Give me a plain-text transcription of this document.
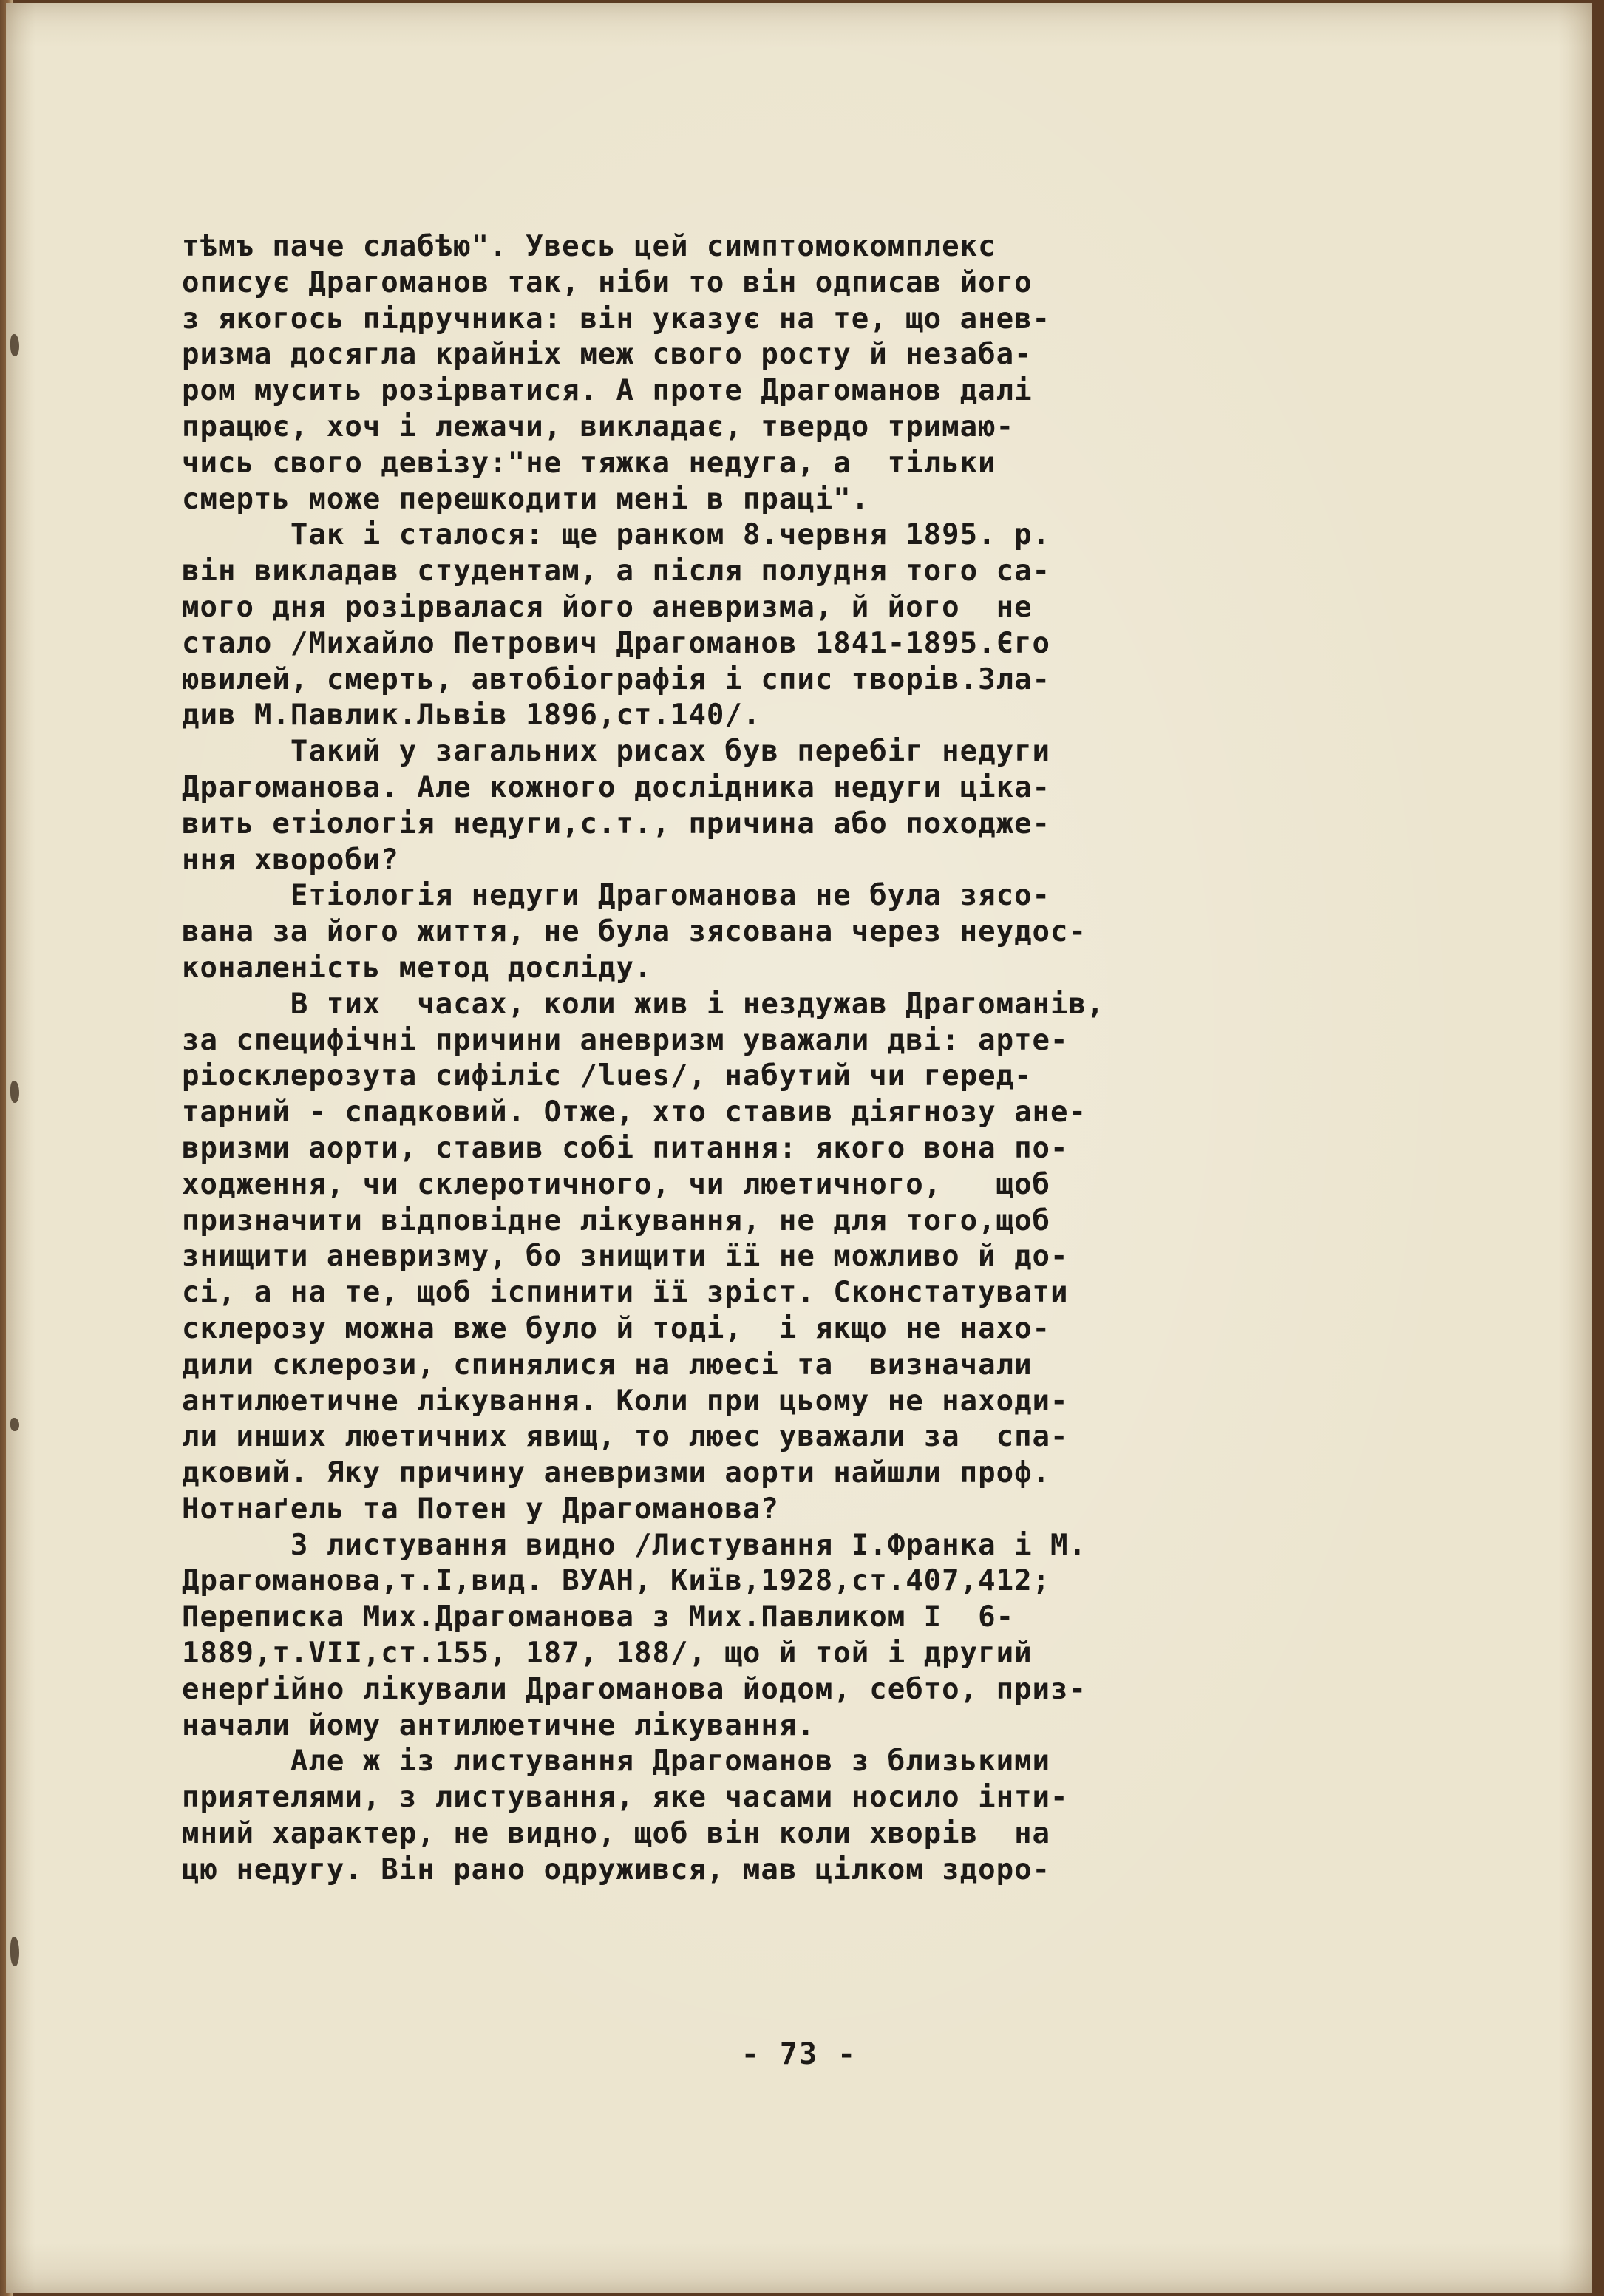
тѣмъ паче слабѣю". Увесь цей симптомокомплекс
описує Драгоманов так, ніби то він одписав його
з якогось підручника: він указує на те, що анев-
ризма досягла крайніх меж свого росту й незаба-
ром мусить розірватися. А проте Драгоманов далі
працює, хоч і лежачи, викладає, твердо тримаю-
чись свого девізу:"не тяжка недуга, а  тільки
смерть може перешкодити мені в праці".
Так і сталося: ще ранком 8.червня 1895. р.
він викладав студентам, а після полудня того са-
мого дня розірвалася його аневризма, й його  не
стало /Михайло Петрович Драгоманов 1841-1895.Єго
ювилей, смерть, автобіографія і спис творів.Зла-
див М.Павлик.Львів 1896,ст.140/.
Такий у загальних рисах був перебіг недуги
Драгоманова. Але кожного дослідника недуги цікa-
вить етіологія недуги,с.т., причина або походже-
ння хвороби?
Етіологія недуги Драгоманова не була зясо-
вана за його життя, не була зясована через неудос-
коналеність метод досліду.
В тих  часах, коли жив і нездужав Драгоманів,
за специфічні причини аневризм уважали дві: арте-
ріосклерозута сифіліс /lues/, набутий чи геред-
тарний - спадковий. Отже, хто ставив діягнозу ане-
вризми аорти, ставив собі питання: якого вона по-
ходження, чи склеротичного, чи люетичного,   щоб
призначити відповідне лікування, не для того,щоб
знищити аневризму, бо знищити її не можливо й до-
сі, а на те, щоб іспинити її зріст. Сконстатувати
склерозу можна вже було й тоді,  і якщо не нахо-
дили склерози, спинялися на люесі та  визначали
антилюетичне лікування. Коли при цьому не находи-
ли инших люетичних явищ, то люес уважали за  спа-
дковий. Яку причину аневризми аорти найшли проф.
Нотнаґель та Потен у Драгоманова?
З листування видно /Листування І.Франка і М.
Драгоманова,т.І,вид. ВУАН, Київ,1928,ст.407,412;
Переписка Мих.Драгоманова з Мих.Павликом I  6-
1889,т.VII,ст.155, 187, 188/, що й той і другий
енерґійно лікували Драгоманова йодом, себто, приз-
начали йому антилюетичне лікування.
Але ж із листування Драгоманов з близькими
приятелями, з листування, яке часами носило інти-
мний характер, не видно, щоб він коли хворів  на
цю недугу. Він рано одружився, мав цілком здоро-
- 73 -
